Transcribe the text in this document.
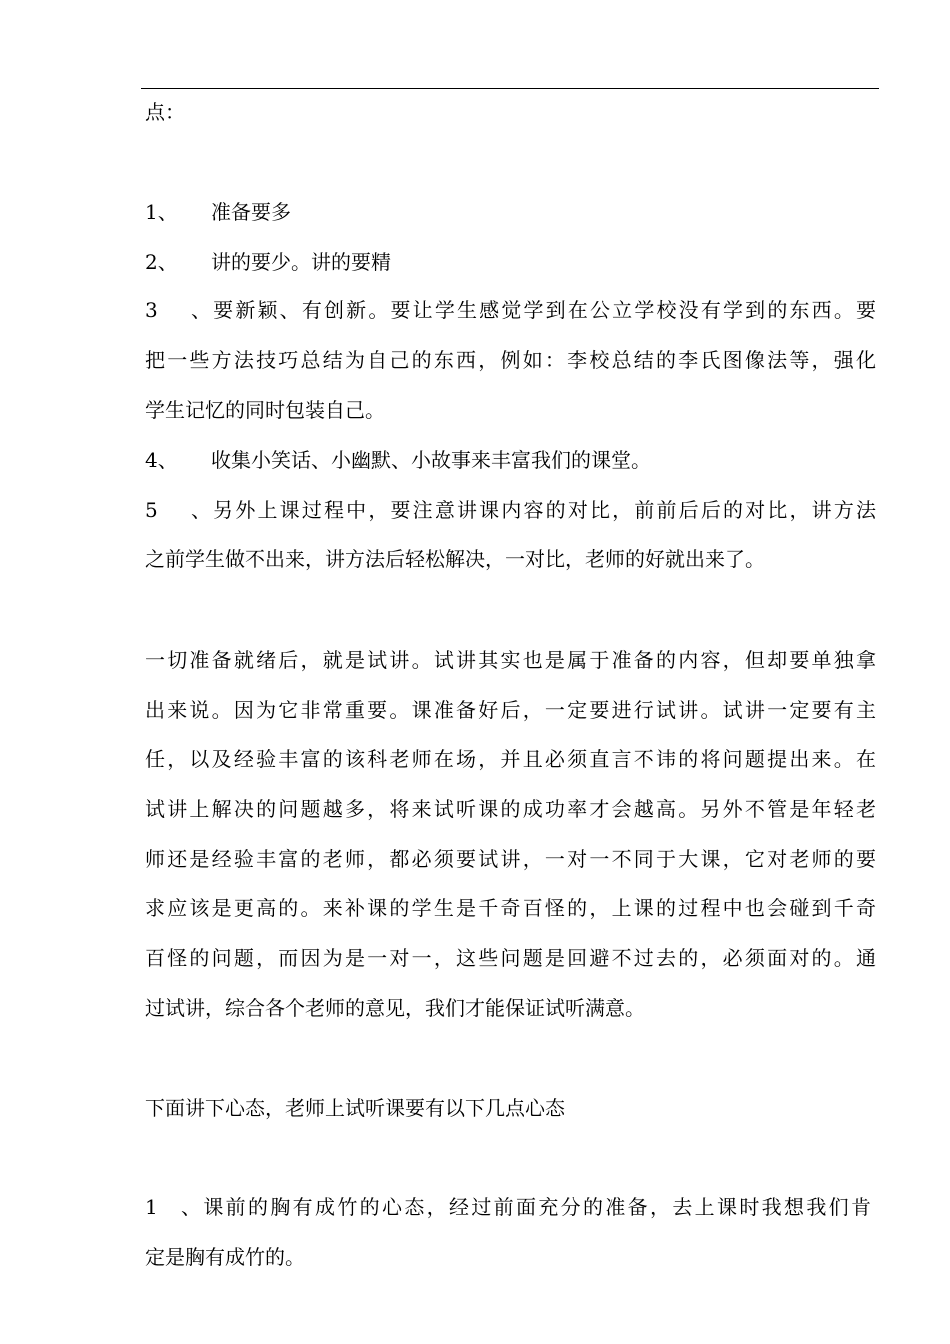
点：
1、 准备要多
2、 讲的要少。讲的要精
3、要新颖、有创新。要让学生感觉学到在公立学校没有学到的东西。要
把一些方法技巧总结为自己的东西，例如：李校总结的李氏图像法等，强化
学生记忆的同时包装自己。
4、 收集小笑话、小幽默、小故事来丰富我们的课堂。
5、另外上课过程中，要注意讲课内容的对比，前前后后的对比，讲方法
之前学生做不出来，讲方法后轻松解决，一对比，老师的好就出来了。
一切准备就绪后，就是试讲。试讲其实也是属于准备的内容，但却要单独拿
出来说。因为它非常重要。课准备好后，一定要进行试讲。试讲一定要有主
任，以及经验丰富的该科老师在场，并且必须直言不讳的将问题提出来。在
试讲上解决的问题越多，将来试听课的成功率才会越高。另外不管是年轻老
师还是经验丰富的老师，都必须要试讲，一对一不同于大课，它对老师的要
求应该是更高的。来补课的学生是千奇百怪的，上课的过程中也会碰到千奇
百怪的问题，而因为是一对一，这些问题是回避不过去的，必须面对的。通
过试讲，综合各个老师的意见，我们才能保证试听满意。
下面讲下心态，老师上试听课要有以下几点心态
1、课前的胸有成竹的心态，经过前面充分的准备，去上课时我想我们肯
定是胸有成竹的。
